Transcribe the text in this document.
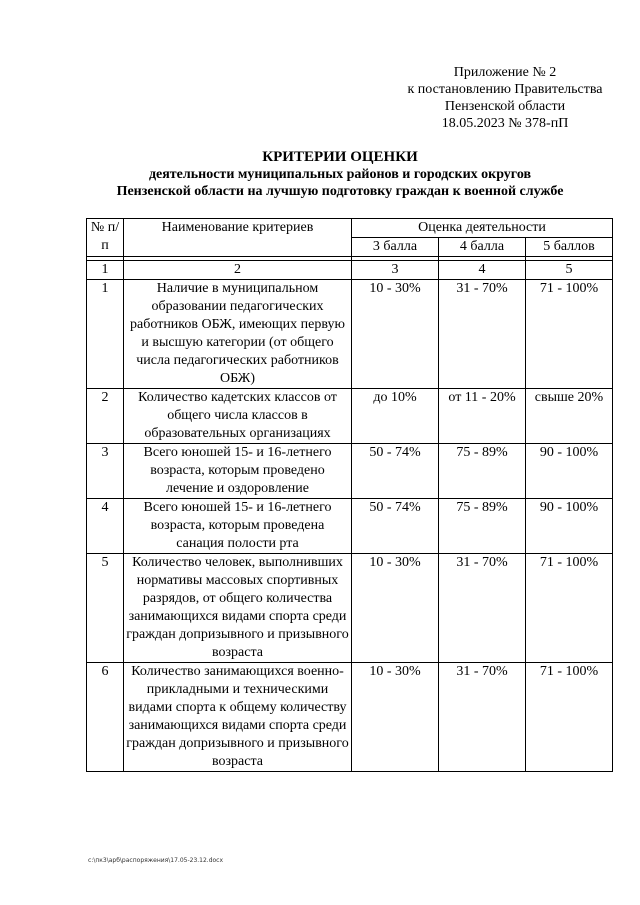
Приложение № 2
к постановлению Правительства
Пензенской области
18.05.2023 № 378-пП
КРИТЕРИИ ОЦЕНКИ
деятельности муниципальных районов и городских округов
Пензенской области на лучшую подготовку граждан к военной службе
№ п/п	Наименование критериев	Оценка деятельности		
		3 балла	4 балла	5 баллов

1	2	3	4	5
1	Наличие в муниципальном образовании педагогических работников ОБЖ, имеющих первую и высшую категории (от общего числа педагогических работников ОБЖ)	10 - 30%	31 - 70%	71 - 100%
2	Количество кадетских классов от общего числа классов в образовательных организациях	до 10%	от 11 - 20%	свыше 20%
3	Всего юношей 15- и 16-летнего возраста, которым проведено лечение и оздоровление	50 - 74%	75 - 89%	90 - 100%
4	Всего юношей 15- и 16-летнего возраста, которым проведена санация полости рта	50 - 74%	75 - 89%	90 - 100%
5	Количество человек, выполнивших нормативы массовых спортивных разрядов, от общего количества занимающихся видами спорта среди граждан допризывного и призывного возраста	10 - 30%	31 - 70%	71 - 100%
6	Количество занимающихся военно-прикладными и техническими видами спорта к общему количеству занимающихся видами спорта среди граждан допризывного и призывного возраста	10 - 30%	31 - 70%	71 - 100%
c:\пк3\арб\распоряжения\17.05-23.12.docx
